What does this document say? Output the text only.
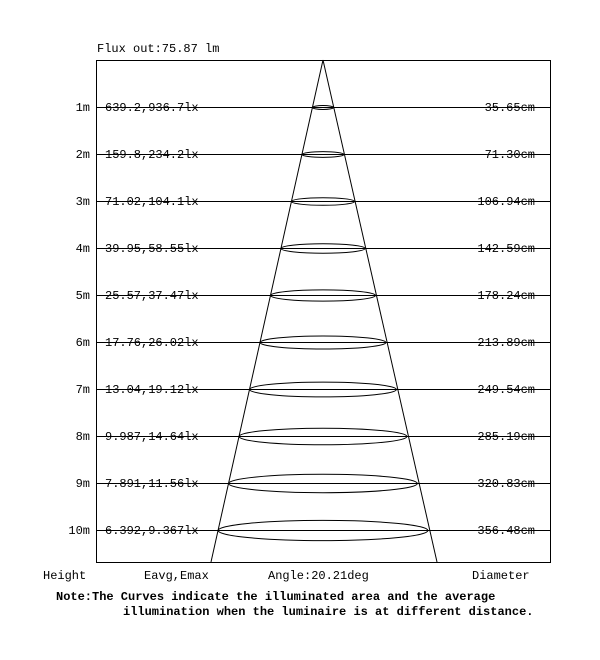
Flux out:75.87 lm
1m 639.2,936.7lx	35.65cm
2m 159.8,234.2lx	71.30cm
3m 71.02,104.1lx	106.94cm
4m 39.95,58.55lx	142.59cm
5m 25.57,37.47lx	178.24cm
6m 17.76,26.02lx	213.89cm
7m 13.04,19.12lx	249.54cm
8m 9.987,14.64lx	285.19cm
9m 7.891,11.56lx	320.83cm
10m 6.392,9.367lx	356.48cm
Height	Eavg,Emax	Angle:20.21deg	Diameter
Note:The Curves indicate the illuminated area and the average
illumination when the luminaire is at different distance.
